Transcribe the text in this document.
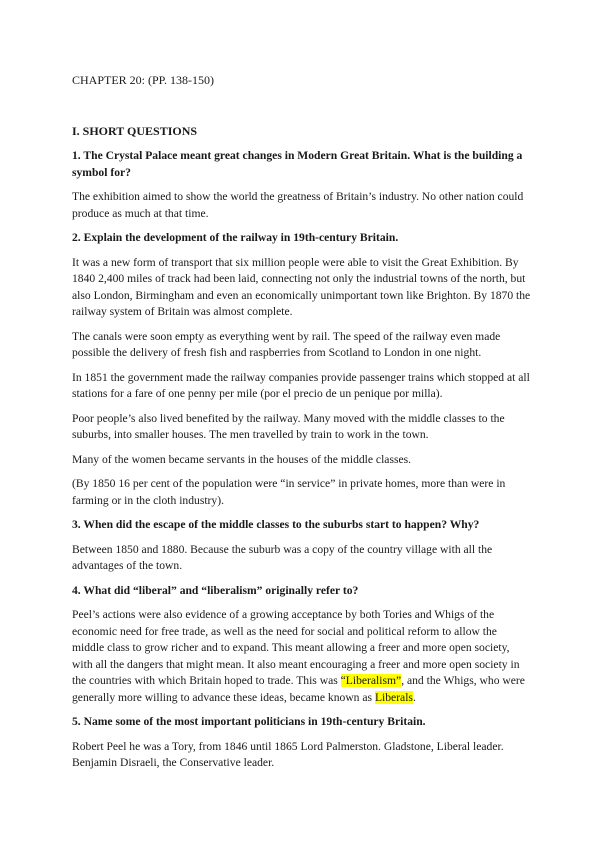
CHAPTER 20: (PP. 138-150)

I. SHORT QUESTIONS

1. The Crystal Palace meant great changes in Modern Great Britain. What is the building a symbol for?

The exhibition aimed to show the world the greatness of Britain’s industry. No other nation could produce as much at that time.

2. Explain the development of the railway in 19th-century Britain.

It was a new form of transport that six million people were able to visit the Great Exhibition. By 1840 2,400 miles of track had been laid, connecting not only the industrial towns of the north, but also London, Birmingham and even an economically unimportant town like Brighton. By 1870 the railway system of Britain was almost complete.

The canals were soon empty as everything went by rail. The speed of the railway even made possible the delivery of fresh fish and raspberries from Scotland to London in one night.

In 1851 the government made the railway companies provide passenger trains which stopped at all stations for a fare of one penny per mile (por el precio de un penique por milla).

Poor people’s also lived benefited by the railway. Many moved with the middle classes to the suburbs, into smaller houses. The men travelled by train to work in the town.

Many of the women became servants in the houses of the middle classes.

(By 1850 16 per cent of the population were “in service” in private homes, more than were in farming or in the cloth industry).

3. When did the escape of the middle classes to the suburbs start to happen? Why?

Between 1850 and 1880. Because the suburb was a copy of the country village with all the advantages of the town.

4. What did “liberal” and “liberalism” originally refer to?

Peel’s actions were also evidence of a growing acceptance by both Tories and Whigs of the economic need for free trade, as well as the need for social and political reform to allow the middle class to grow richer and to expand. This meant allowing a freer and more open society, with all the dangers that might mean. It also meant encouraging a freer and more open society in the countries with which Britain hoped to trade. This was “Liberalism”, and the Whigs, who were generally more willing to advance these ideas, became known as Liberals.

5. Name some of the most important politicians in 19th-century Britain.

Robert Peel he was a Tory, from 1846 until 1865 Lord Palmerston. Gladstone, Liberal leader. Benjamin Disraeli, the Conservative leader.
